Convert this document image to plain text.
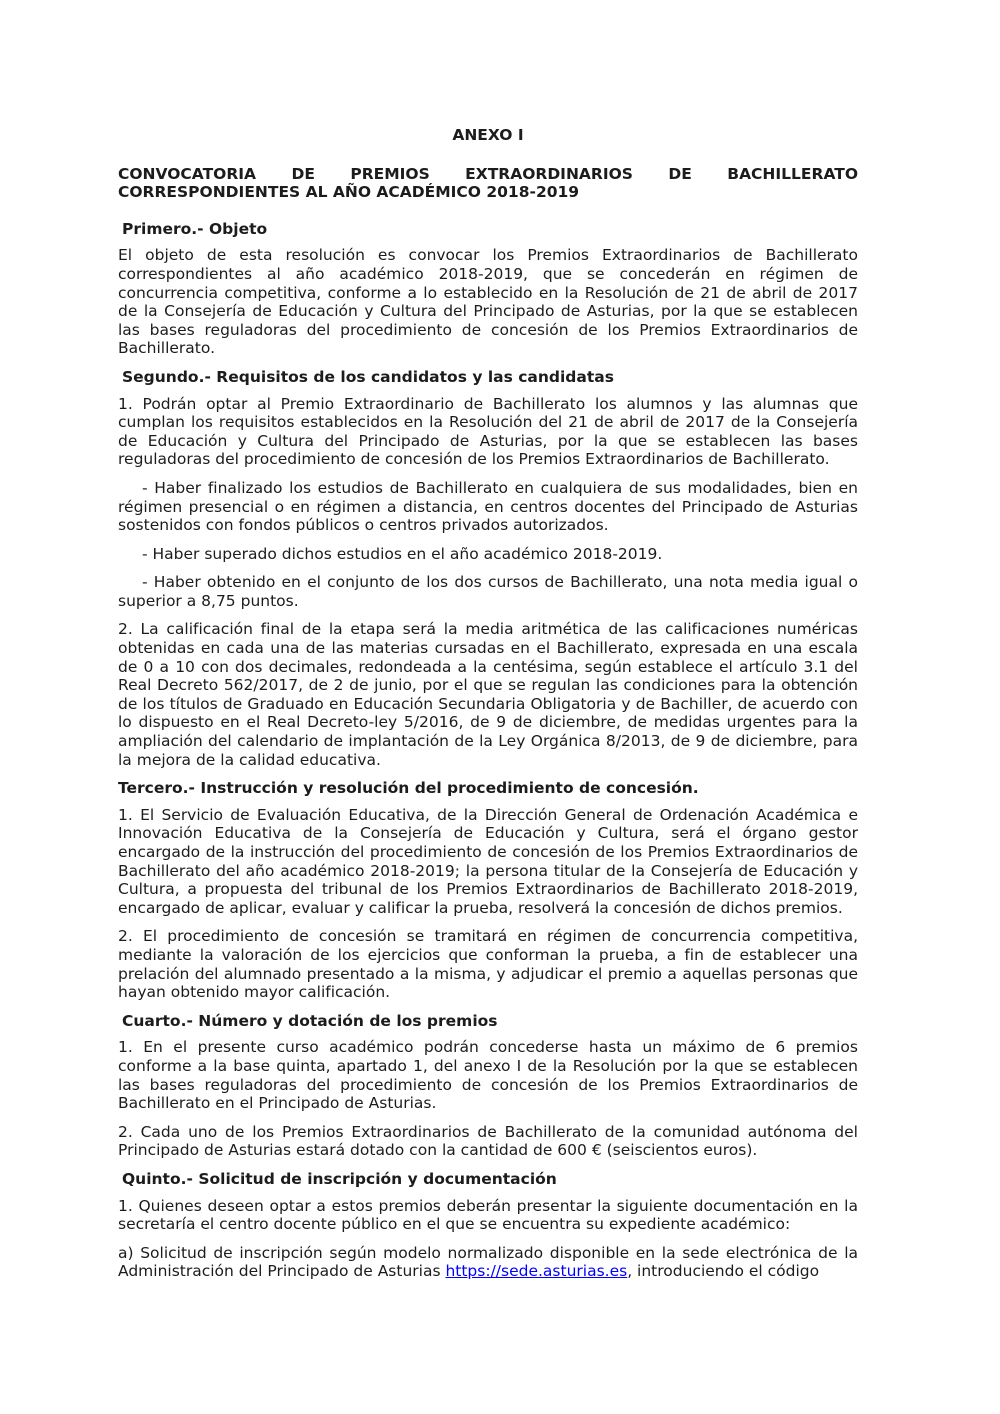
ANEXO I
CONVOCATORIA DE PREMIOS EXTRAORDINARIOS DE BACHILLERATO CORRESPONDIENTES AL AÑO ACADÉMICO 2018-2019
Primero.- Objeto

El objeto de esta resolución es convocar los Premios Extraordinarios de Bachillerato correspondientes al año académico 2018-2019, que se concederán en régimen de concurrencia competitiva, conforme a lo establecido en la Resolución de 21 de abril de 2017 de la Consejería de Educación y Cultura del Principado de Asturias, por la que se establecen las bases reguladoras del procedimiento de concesión de los Premios Extraordinarios de Bachillerato.

Segundo.- Requisitos de los candidatos y las candidatas

1. Podrán optar al Premio Extraordinario de Bachillerato los alumnos y las alumnas que cumplan los requisitos establecidos en la Resolución del 21 de abril de 2017 de la Consejería de Educación y Cultura del Principado de Asturias, por la que se establecen las bases reguladoras del procedimiento de concesión de los Premios Extraordinarios de Bachillerato.

- Haber finalizado los estudios de Bachillerato en cualquiera de sus modalidades, bien en régimen presencial o en régimen a distancia, en centros docentes del Principado de Asturias sostenidos con fondos públicos o centros privados autorizados.

- Haber superado dichos estudios en el año académico 2018-2019.

- Haber obtenido en el conjunto de los dos cursos de Bachillerato, una nota media igual o superior a 8,75 puntos.

2. La calificación final de la etapa será la media aritmética de las calificaciones numéricas obtenidas en cada una de las materias cursadas en el Bachillerato, expresada en una escala de 0 a 10 con dos decimales, redondeada a la centésima, según establece el artículo 3.1 del Real Decreto 562/2017, de 2 de junio, por el que se regulan las condiciones para la obtención de los títulos de Graduado en Educación Secundaria Obligatoria y de Bachiller, de acuerdo con lo dispuesto en el Real Decreto-ley 5/2016, de 9 de diciembre, de medidas urgentes para la ampliación del calendario de implantación de la Ley Orgánica 8/2013, de 9 de diciembre, para la mejora de la calidad educativa.

Tercero.- Instrucción y resolución del procedimiento de concesión.

1. El Servicio de Evaluación Educativa, de la Dirección General de Ordenación Académica e Innovación Educativa de la Consejería de Educación y Cultura, será el órgano gestor encargado de la instrucción del procedimiento de concesión de los Premios Extraordinarios de Bachillerato del año académico 2018-2019; la persona titular de la Consejería de Educación y Cultura, a propuesta del tribunal de los Premios Extraordinarios de Bachillerato 2018-2019, encargado de aplicar, evaluar y calificar la prueba, resolverá la concesión de dichos premios.

2. El procedimiento de concesión se tramitará en régimen de concurrencia competitiva, mediante la valoración de los ejercicios que conforman la prueba, a fin de establecer una prelación del alumnado presentado a la misma, y adjudicar el premio a aquellas personas que hayan obtenido mayor calificación.

Cuarto.- Número y dotación de los premios

1. En el presente curso académico podrán concederse hasta un máximo de 6 premios conforme a la base quinta, apartado 1, del anexo I de la Resolución por la que se establecen las bases reguladoras del procedimiento de concesión de los Premios Extraordinarios de Bachillerato en el Principado de Asturias.

2. Cada uno de los Premios Extraordinarios de Bachillerato de la comunidad autónoma del Principado de Asturias estará dotado con la cantidad de 600 € (seiscientos euros).

Quinto.- Solicitud de inscripción y documentación

1. Quienes deseen optar a estos premios deberán presentar la siguiente documentación en la secretaría el centro docente público en el que se encuentra su expediente académico:

a) Solicitud de inscripción según modelo normalizado disponible en la sede electrónica de la Administración del Principado de Asturias https://sede.asturias.es, introduciendo el código
